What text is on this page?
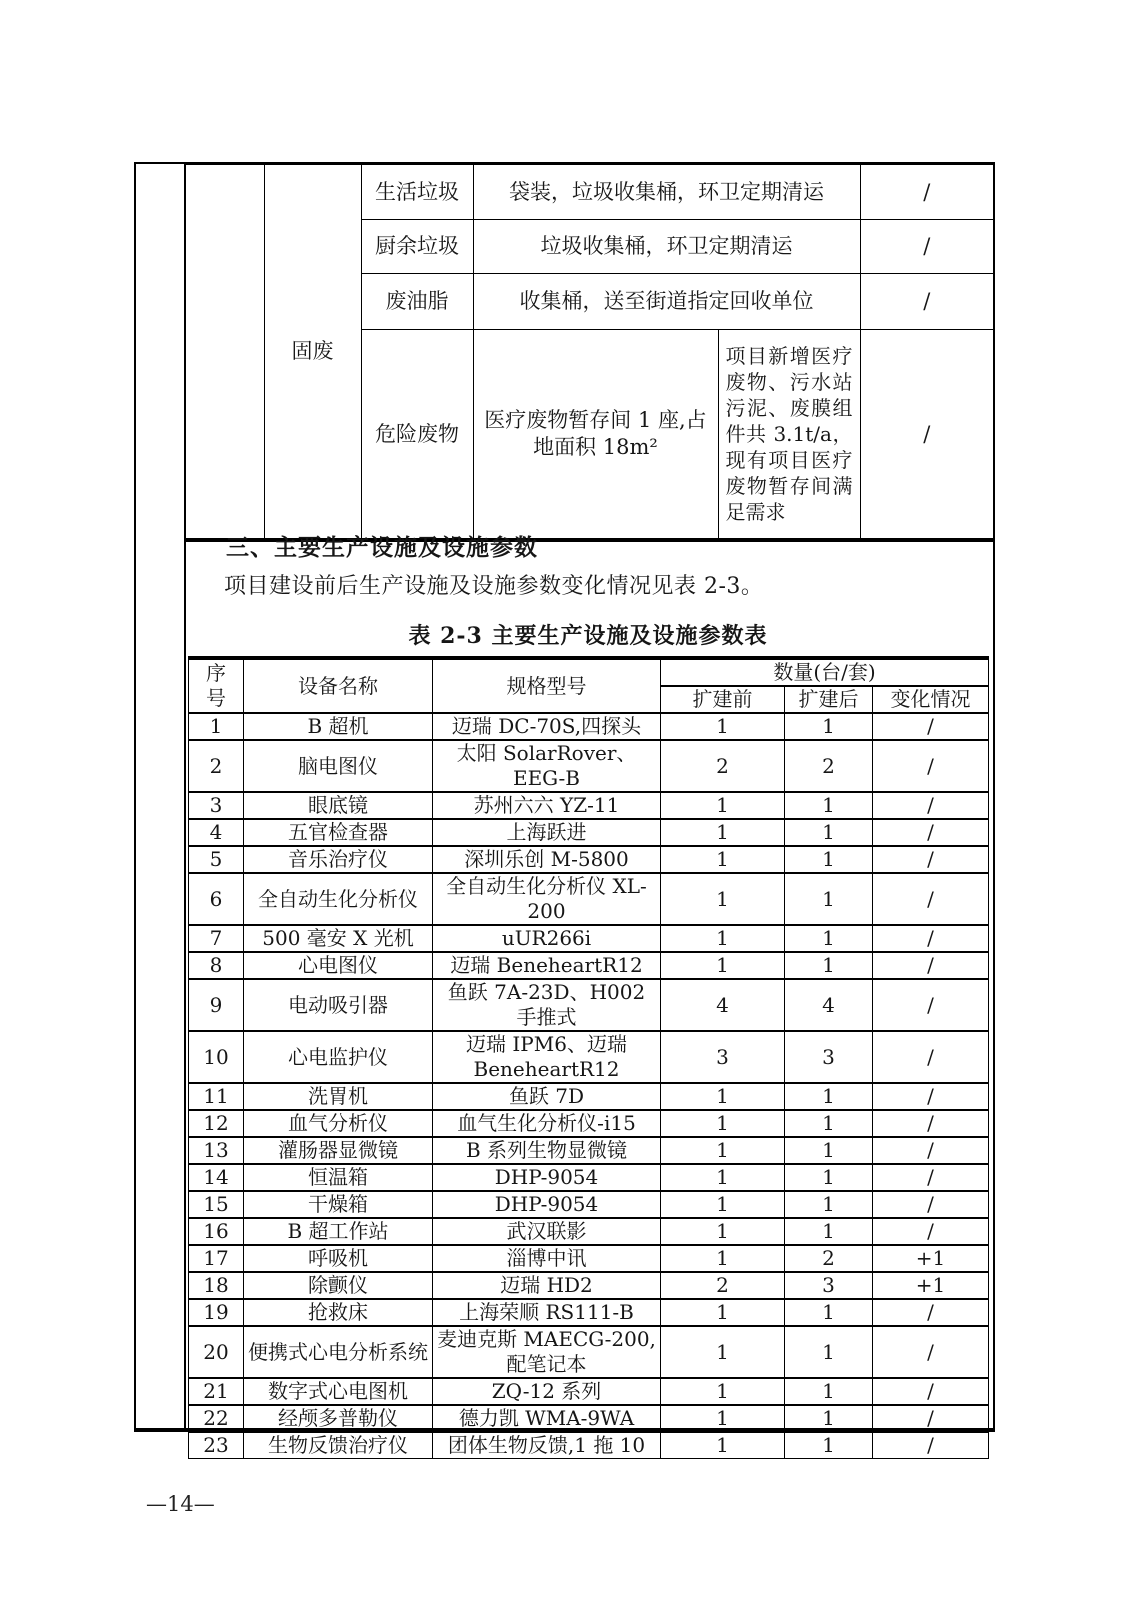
	固废	生活垃圾	袋装，垃圾收集桶，环卫定期清运		/
		厨余垃圾	垃圾收集桶，环卫定期清运		/
		废油脂	收集桶，送至街道指定回收单位		/
		危险废物	医疗废物暂存间 1 座,占地面积 18m²	项目新增医疗废物、污水站污泥、废膜组件共 3.1t/a，现有项目医疗废物暂存间满足需求	/
三、主要生产设施及设施参数
项目建设前后生产设施及设施参数变化情况见表 2-3。
表 2-3 主要生产设施及设施参数表
序
号	设备名称	规格型号	数量(台/套)		
			扩建前	扩建后	变化情况
1	B 超机	迈瑞 DC-70S,四探头	1	1	/
2	脑电图仪	太阳 SolarRover、EEG-B	2	2	/
3	眼底镜	苏州六六 YZ-11	1	1	/
4	五官检查器	上海跃进	1	1	/
5	音乐治疗仪	深圳乐创 M-5800	1	1	/
6	全自动生化分析仪	全自动生化分析仪 XL-200	1	1	/
7	500 毫安 X 光机	uUR266i	1	1	/
8	心电图仪	迈瑞 BeneheartR12	1	1	/
9	电动吸引器	鱼跃 7A-23D、H002 手推式	4	4	/
10	心电监护仪	迈瑞 IPM6、迈瑞 BeneheartR12	3	3	/
11	洗胃机	鱼跃 7D	1	1	/
12	血气分析仪	血气生化分析仪-i15	1	1	/
13	灌肠器显微镜	B 系列生物显微镜	1	1	/
14	恒温箱	DHP-9054	1	1	/
15	干燥箱	DHP-9054	1	1	/
16	B 超工作站	武汉联影	1	1	/
17	呼吸机	淄博中讯	1	2	+1
18	除颤仪	迈瑞 HD2	2	3	+1
19	抢救床	上海荣顺 RS111-B	1	1	/
20	便携式心电分析系统	麦迪克斯 MAECG-200, 配笔记本	1	1	/
21	数字式心电图机	ZQ-12 系列	1	1	/
22	经颅多普勒仪	德力凯 WMA-9WA	1	1	/
23	生物反馈治疗仪	团体生物反馈,1 拖 10	1	1	/
—14—
